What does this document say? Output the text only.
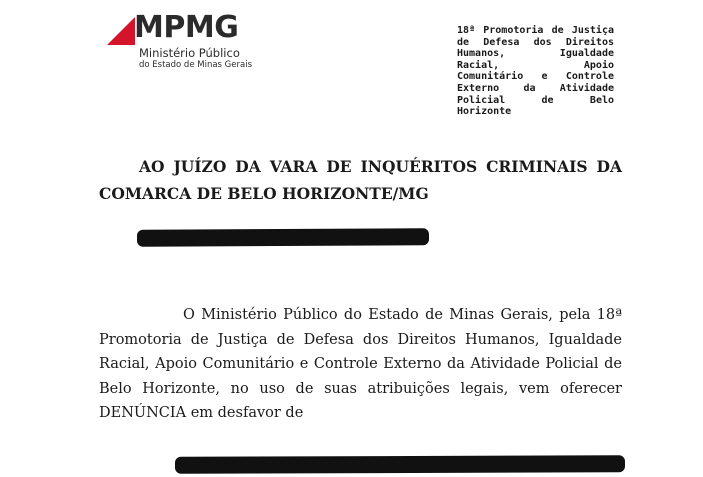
MPMG
Ministério Público
do Estado de Minas Gerais
18ª Promotoria de Justiça
de Defesa dos Direitos
Humanos, Igualdade
Racial, Apoio
Comunitário e Controle
Externo da Atividade
Policial de Belo
Horizonte
AO JUÍZO DA VARA DE INQUÉRITOS CRIMINAIS DA
COMARCA DE BELO HORIZONTE/MG
O Ministério Público do Estado de Minas Gerais, pela 18ª
Promotoria de Justiça de Defesa dos Direitos Humanos, Igualdade
Racial, Apoio Comunitário e Controle Externo da Atividade Policial de
Belo Horizonte, no uso de suas atribuições legais, vem oferecer
DENÚNCIA em desfavor de
